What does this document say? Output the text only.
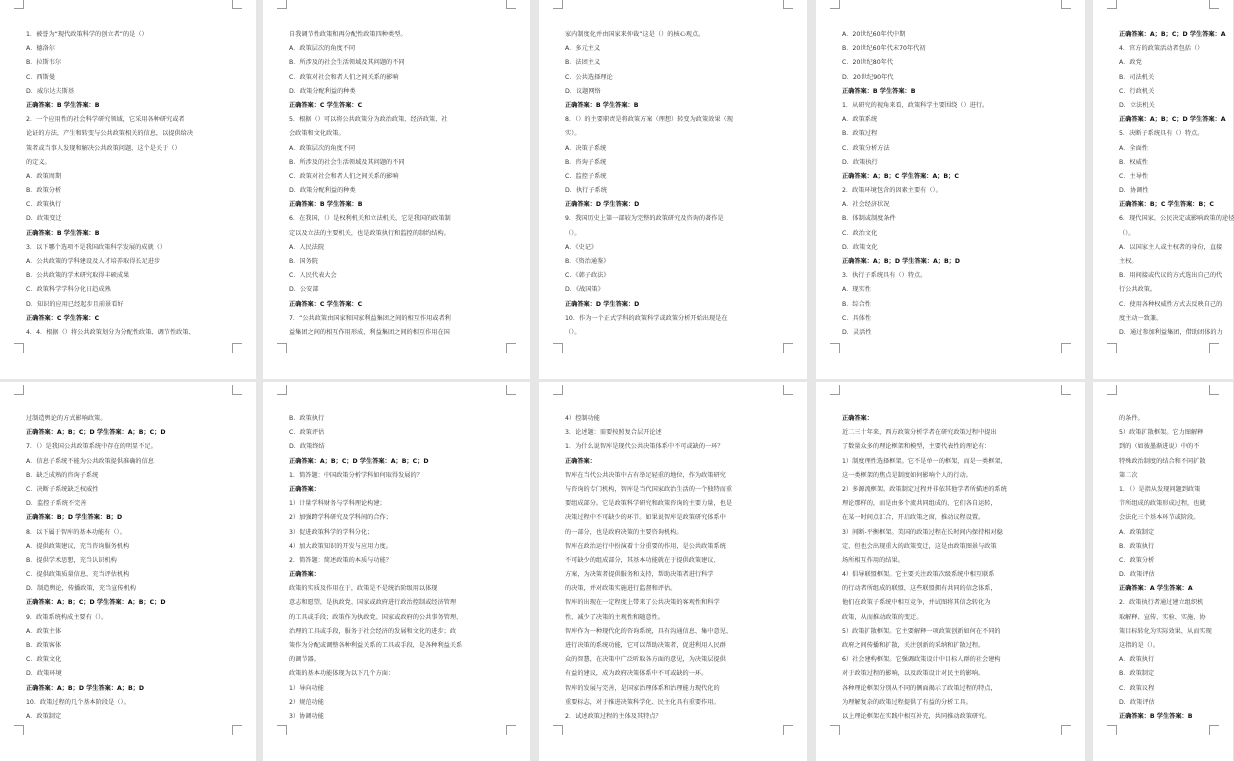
1．被誉为“现代政策科学的创立者”的是（）
A．德洛尔
B．拉斯韦尔
C．西斯曼
D．威尔达夫斯基
正确答案：B 学生答案：B
2．一个应用性的社会科学研究领域，它采用各种研究或者
论证的方法，产生和转变与公共政策相关的信息，以提供给决
策者或当事人发现和解决公共政策问题，这个是关于（）
的定义。
A．政策周期
B．政策分析
C．政策执行
D．政策变迁
正确答案：B 学生答案：B
3．以下哪个选项不是我国政策科学发展的成就（）
A．公共政策的学科建设及人才培养取得长足进步
B．公共政策的学术研究取得丰硕成果
C．政策科学学科分化日趋成熟
D．知识的应用已经起步且前景看好
正确答案：C 学生答案：C
4．4．根据（）将公共政策划分为分配性政策、调节性政策、
自我调节性政策和再分配性政策四种类型。
A．政策层次的角度不同
B．所涉及的社会生活领域及其问题的不同
C．政策对社会和者人们之间关系的影响
D．政策分配利益的种类
正确答案：C 学生答案：C
5．根据（）可以将公共政策分为政治政策、经济政策、社
会政策和文化政策。
A．政策层次的角度不同
B．所涉及的社会生活领域及其问题的不同
C．政策对社会和者人们之间关系的影响
D．政策分配利益的种类
正确答案：B 学生答案：B
6．在我国，（）是权利机关和立法机关，它是我国的政策制
定以及立法的主要机关，也是政策执行和监控的制约结构。
A．人民法院
B．国务院
C．人民代表大会
D．公安部
正确答案：C 学生答案：C
7．“公共政策由国家和国家利益集团之间的相互作用或者利
益集团之间的相互作用形成，利益集团之间的相互作用在国
家内制度化并由国家来仲裁”这是（）的核心观点。
A．多元主义
B．法团主义
C．公共选择理论
D．议题网络
正确答案：B 学生答案：B
8．（）的主要职责是将政策方案（理想）转变为政策效果（现
实）。
A．决策子系统
B．咨询子系统
C．监控子系统
D．执行子系统
正确答案：D 学生答案：D
9．我国历史上第一部较为完整的政策研究及咨询的著作是
（）。
A．《史记》
B．《资治通鉴》
C．《韩子政法》
D．《战国策》
正确答案：D 学生答案：D
10．作为一个正式学科的政策科学或政策分析开始出现是在
（）。
A．20世纪60年代中期
B．20世纪60年代末70年代初
C．20世纪80年代
D．20世纪90年代
正确答案：B 学生答案：B
1．从研究的视角来看，政策科学主要围绕（）进行。
A．政策系统
B．政策过程
C．政策分析方法
D．政策执行
正确答案：A；B；C 学生答案：A；B；C
2．政策环境包含的因素主要有（）。
A．社会经济状况
B．体制或制度条件
C．政治文化
D．政策文化
正确答案：A；B；D 学生答案：A；B；D
3．执行子系统具有（）特点。
A．现实性
B．综合性
C．具体性
D．灵活性
正确答案：A；B；C；D 学生答案：A
4．官方的政策活动者包括（）
A．政党
B．司法机关
C．行政机关
D．立法机关
正确答案：A；B；C；D 学生答案：A
5．决断子系统具有（）特点。
A．全面性
B．权威性
C．主导性
D．协调性
正确答案：B；C 学生答案：B；C
6．现代国家，公民决定或影响政策的途径
（）。
A．以国家主人或主权者的身份，直接
主权。
B．用间接或代议的方式选出自己的代
行公共政策。
C．使用各种权威性方式去反映自己的
度主动一致兼。
D．通过参加利益集团，借助团体的力
过制造舆论的方式影响政策。
正确答案：A；B；C；D 学生答案：A；B；C；D
7．（）是我国公共政策系统中存在的明显不足。
A．信息子系统不能为公共政策提供准确的信息
B．缺乏成熟的咨询子系统
C．决断子系统缺乏权威性
D．监控子系统不完善
正确答案：B；D 学生答案：B；D
8．以下属于智库的基本功能有（）。
A．提供政策建议，充当咨询服务机构
B．提供学术思想，充当认识机构
C．提供政策质量信息，充当评估机构
D．制造舆论，传播政策，充当宣传机构
正确答案：A；B；C；D 学生答案：A；B；C；D
9．政策系统构成主要有（）。
A．政策主体
B．政策客体
C．政策文化
D．政策环境
正确答案：A；B；D 学生答案：A；B；D
10．政策过程的几个基本阶段是（）。
A．政策制定
B．政策执行
C．政策评估
D．政策终结
正确答案：A；B；C；D 学生答案：A；B；C；D
1．简答题：中国政策分析学科如何取得发展的？
正确答案：
1）计量学科财务与学科理论构建；
2）加强跨学科研究及学科间的合作；
3）促进政策科学的学科分化；
4）加大政策知识的开发与应用力度。
2．简答题：简述政策的本质与功能？
正确答案：
政策的实质及作用在于，政策是不是统治阶级用以体现
意志和愿望，是执政党、国家或政府进行政治控制或经济管理
的工具或手段；政策作为执政党、国家或政府的公共事务管理、
治理的工具或手段，服务于社会经济的发展和文化的进步；政
策作为分配或调整各种利益关系的工具或手段，是各种利益关系
的调节器。
政策的基本功能体现为以下几个方面：
1）导向功能
2）规范功能
3）协调功能
4）控制功能
3．论述题：需要按照复合层开论述
1．为什么说智库是现代公共决策体系中不可或缺的一环？
正确答案：
智库在当代公共决策中占有举足轻重的地位，作为政策研究
与咨询的专门机构，智库是当代国家政治生活的一个独特而重
要组成部分。它是政策科学研究和政策咨询的主要力量，也是
决策过程中不可缺少的环节。如果说智库是政策研究体系中
的一部分，也是政府决策的主要咨询机构。
智库在政治运行中扮演着十分重要的作用，是公共政策系统
不可缺少的组成部分，其基本功能就在于提供政策建议、
方案，为决策者提供服务和支持，帮助决策者进行科学
的决策，并对政策实施进行监督和评估。
智库的出现在一定程度上带来了公共决策的客观性和科学
性，减少了决策的主观性和随意性。
智库作为一种现代化的咨询系统，具有沟通信息、集中意见、
进行决策的系统功能，它可以帮助决策者，促进利用人民群
众的智慧，在决策中广泛听取各方面的意见，为决策层提供
有益的建议，成为政府决策体系中不可或缺的一环。
智库的发展与完善，是国家治理体系和治理能力现代化的
重要标志，对于推进决策科学化、民主化具有重要作用。
2．试述政策过程的主体及其特点？
正确答案：
近二三十年来，西方政策分析学者在研究政策过程中提出
了数量众多的理论框架和模型，主要代表性的理论有：
1）制度理性选择框架。它不是单一的框架，而是一类框架，
这一类框架的焦点是制度如何影响个人的行动。
2）多源流框架。政策制定过程并非依其他学者所描述的系统
理论那样的，而是由多个流共同组成的，它们各自运转，
在某一时间点汇合，开启政策之窗，推动议程设置。
3）间断-平衡框架。美国的政策过程在长时间内保持相对稳
定，但也会出现重大的政策变迁，这是由政策图景与政策
场所相互作用的结果。
4）倡导联盟框架。它主要关注政策次级系统中相互联系
的行动者所组成的联盟，这些联盟拥有共同的信念体系，
他们在政策子系统中相互竞争，并试图将其信念转化为
政策，从而推动政策的变迁。
5）政策扩散框架。它主要解释一项政策创新如何在不同的
政府之间传播和扩散，关注创新的采纳和扩散过程。
6）社会建构框架。它强调政策设计中目标人群的社会建构
对于政策过程的影响，以及政策设计对民主的影响。
各种理论框架分别从不同的侧面揭示了政策过程的特点，
为理解复杂的政策过程提供了有益的分析工具。
以上理论框架在实践中相互补充，共同推动政策研究。
的条件。
5）政策扩散框架。它力图解释
到的（如彼墨渐进说）中的不
特殊政治制度的结合和不同扩散
第二次
1．（）是指从发现问题到政策
节所组成的政策形成过程，也就
会法化三个基本环节或阶段。
A．政策制定
B．政策执行
C．政策分析
D．政策评估
正确答案：A 学生答案：A
2．政策执行者通过建立组织机
取解释、宣传、实验、实施、协
策目标转化为实际效果，从而实现
这指的是（）。
A．政策执行
B．政策制定
C．政策议程
D．政策评估
正确答案：B 学生答案：B
